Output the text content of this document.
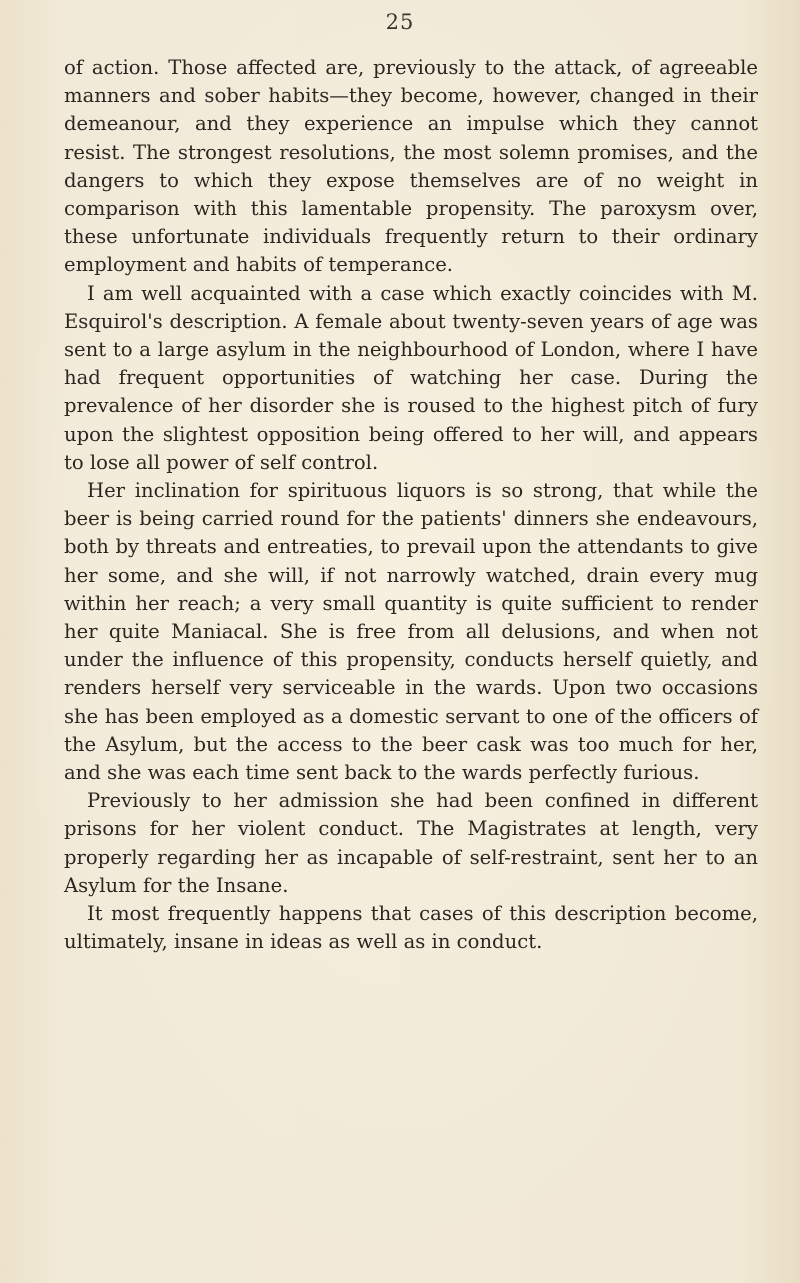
25

of action. Those affected are, previously to the attack, of agreeable manners and sober habits—they become, however, changed in their demeanour, and they experience an impulse which they cannot resist. The strongest resolutions, the most solemn promises, and the dangers to which they expose themselves are of no weight in comparison with this lamentable propensity. The paroxysm over, these unfortunate individuals frequently return to their ordinary employment and habits of temperance.

I am well acquainted with a case which exactly coincides with M. Esquirol's description. A female about twenty-seven years of age was sent to a large asylum in the neighbourhood of London, where I have had frequent opportunities of watching her case. During the prevalence of her disorder she is roused to the highest pitch of fury upon the slightest opposition being offered to her will, and appears to lose all power of self control.

Her inclination for spirituous liquors is so strong, that while the beer is being carried round for the patients' dinners she endeavours, both by threats and entreaties, to prevail upon the attendants to give her some, and she will, if not narrowly watched, drain every mug within her reach; a very small quantity is quite sufficient to render her quite Maniacal. She is free from all delusions, and when not under the influence of this propensity, conducts herself quietly, and renders herself very serviceable in the wards. Upon two occasions she has been employed as a domestic servant to one of the officers of the Asylum, but the access to the beer cask was too much for her, and she was each time sent back to the wards perfectly furious.

Previously to her admission she had been confined in different prisons for her violent conduct. The Magistrates at length, very properly regarding her as incapable of self-restraint, sent her to an Asylum for the Insane.

It most frequently happens that cases of this description become, ultimately, insane in ideas as well as in conduct.
